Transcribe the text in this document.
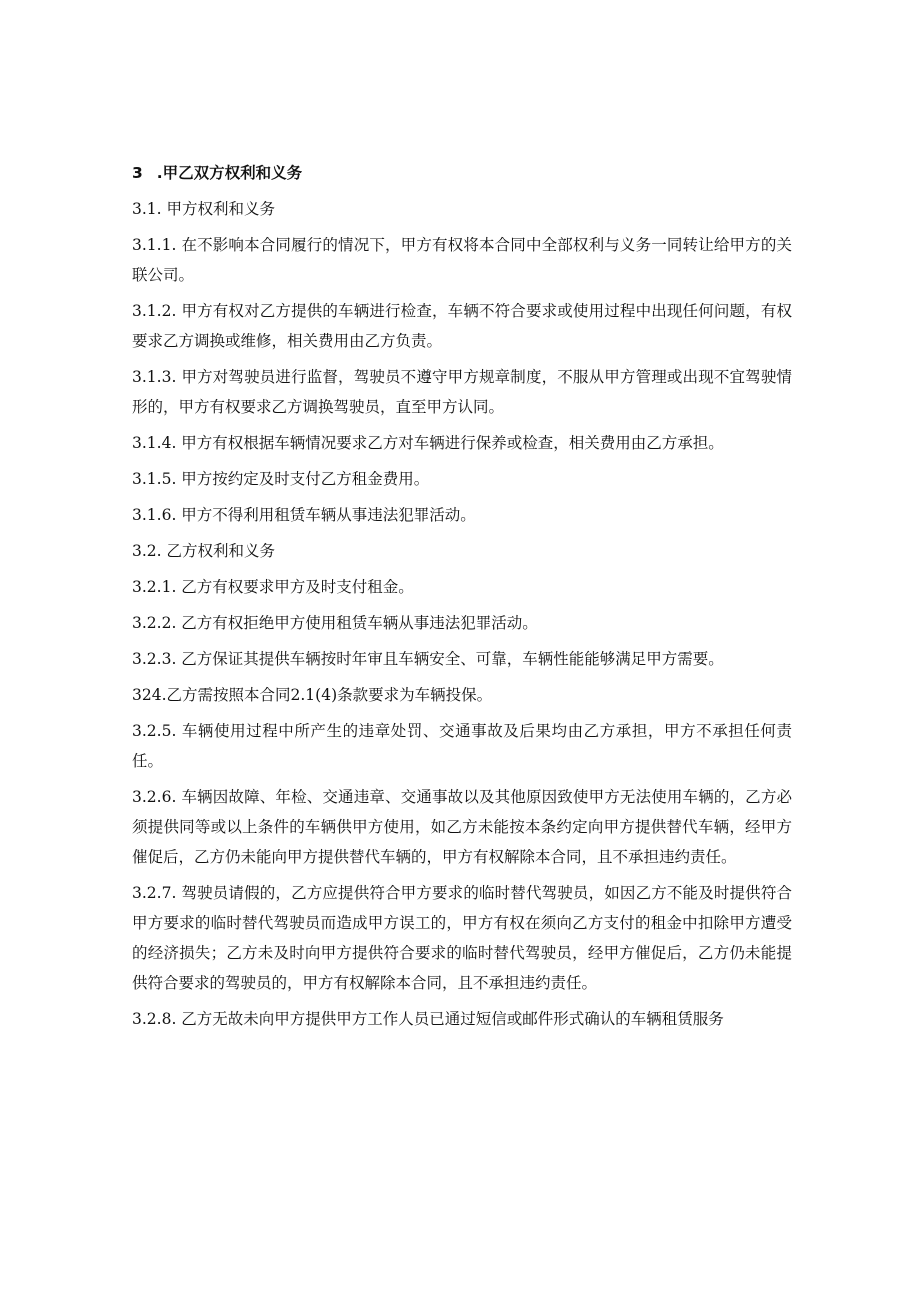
3 .甲乙双方权利和义务

3.1. 甲方权利和义务

3.1.1. 在不影响本合同履行的情况下，甲方有权将本合同中全部权利与义务一同转让给甲方的关联公司。

3.1.2. 甲方有权对乙方提供的车辆进行检查，车辆不符合要求或使用过程中出现任何问题，有权要求乙方调换或维修，相关费用由乙方负责。

3.1.3. 甲方对驾驶员进行监督，驾驶员不遵守甲方规章制度，不服从甲方管理或出现不宜驾驶情形的，甲方有权要求乙方调换驾驶员，直至甲方认同。

3.1.4. 甲方有权根据车辆情况要求乙方对车辆进行保养或检查，相关费用由乙方承担。

3.1.5. 甲方按约定及时支付乙方租金费用。

3.1.6. 甲方不得利用租赁车辆从事违法犯罪活动。

3.2. 乙方权利和义务

3.2.1. 乙方有权要求甲方及时支付租金。

3.2.2. 乙方有权拒绝甲方使用租赁车辆从事违法犯罪活动。

3.2.3. 乙方保证其提供车辆按时年审且车辆安全、可靠，车辆性能能够满足甲方需要。

324.乙方需按照本合同2.1(4)条款要求为车辆投保。

3.2.5. 车辆使用过程中所产生的违章处罚、交通事故及后果均由乙方承担，甲方不承担任何责任。

3.2.6. 车辆因故障、年检、交通违章、交通事故以及其他原因致使甲方无法使用车辆的，乙方必须提供同等或以上条件的车辆供甲方使用，如乙方未能按本条约定向甲方提供替代车辆，经甲方催促后，乙方仍未能向甲方提供替代车辆的，甲方有权解除本合同，且不承担违约责任。

3.2.7. 驾驶员请假的，乙方应提供符合甲方要求的临时替代驾驶员，如因乙方不能及时提供符合甲方要求的临时替代驾驶员而造成甲方误工的，甲方有权在须向乙方支付的租金中扣除甲方遭受的经济损失；乙方未及时向甲方提供符合要求的临时替代驾驶员，经甲方催促后，乙方仍未能提供符合要求的驾驶员的，甲方有权解除本合同，且不承担违约责任。

3.2.8. 乙方无故未向甲方提供甲方工作人员已通过短信或邮件形式确认的车辆租赁服务
